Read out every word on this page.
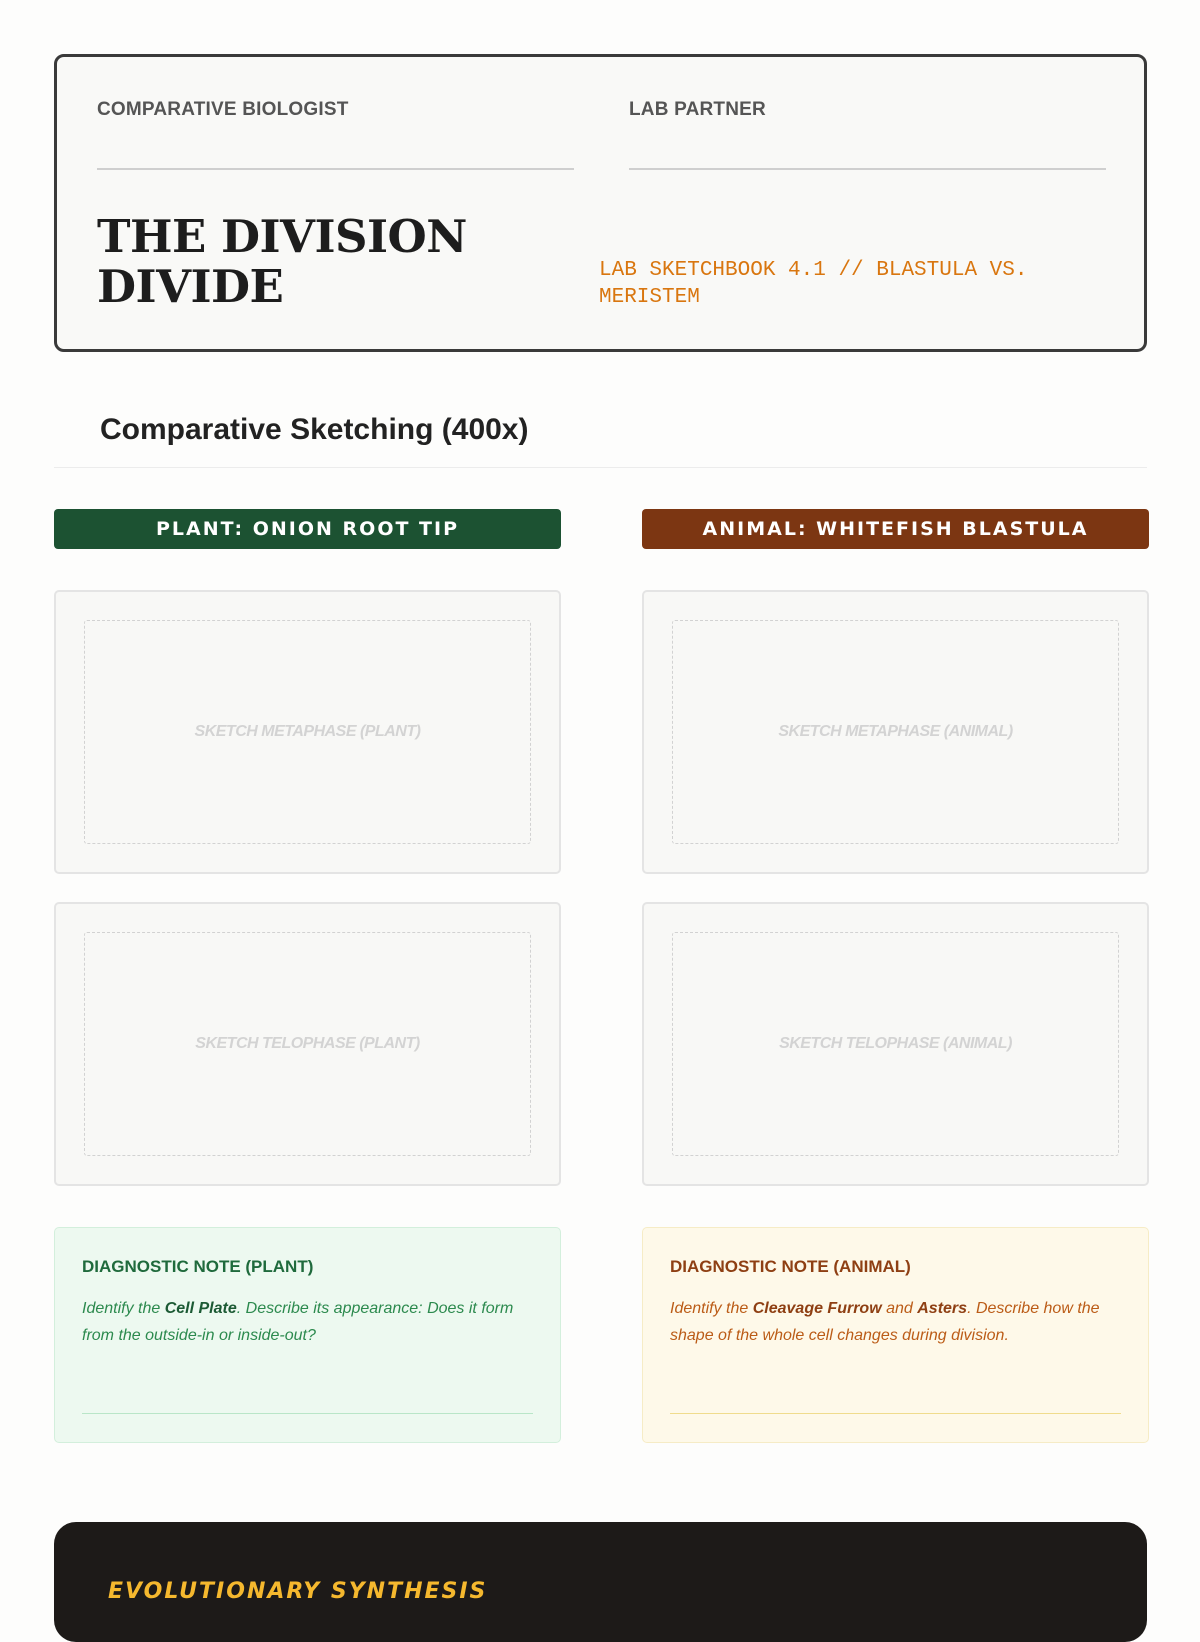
COMPARATIVE BIOLOGIST	LAB PARTNER
THE DIVISION
DIVIDE	LAB SKETCHBOOK 4.1 // BLASTULA VS.
MERISTEM
Comparative Sketching (400x)
PLANT: ONION ROOT TIP	ANIMAL: WHITEFISH BLASTULA
SKETCH METAPHASE (PLANT)	SKETCH METAPHASE (ANIMAL)
SKETCH TELOPHASE (PLANT)	SKETCH TELOPHASE (ANIMAL)
DIAGNOSTIC NOTE (PLANT)
Identify the Cell Plate. Describe its appearance: Does it form from the outside-in or inside-out?
DIAGNOSTIC NOTE (ANIMAL)
Identify the Cleavage Furrow and Asters. Describe how the shape of the whole cell changes during division.
EVOLUTIONARY SYNTHESIS
